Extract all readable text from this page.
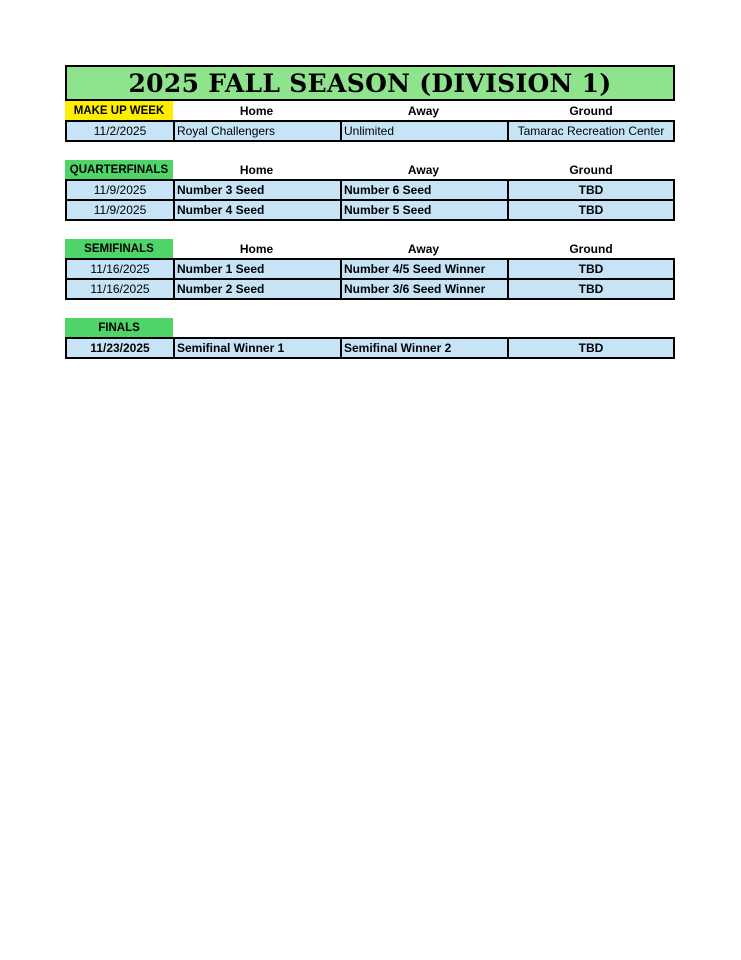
2025 FALL SEASON (DIVISION 1)
MAKE UP WEEK	Home	Away	Ground
11/2/2025	Royal Challengers	Unlimited	Tamarac Recreation Center
QUARTERFINALS	Home	Away	Ground
11/9/2025	Number 3 Seed	Number 6 Seed	TBD
11/9/2025	Number 4 Seed	Number 5 Seed	TBD
SEMIFINALS	Home	Away	Ground
11/16/2025	Number 1 Seed	Number 4/5 Seed Winner	TBD
11/16/2025	Number 2 Seed	Number 3/6 Seed Winner	TBD
FINALS
11/23/2025	Semifinal Winner 1	Semifinal Winner 2	TBD
